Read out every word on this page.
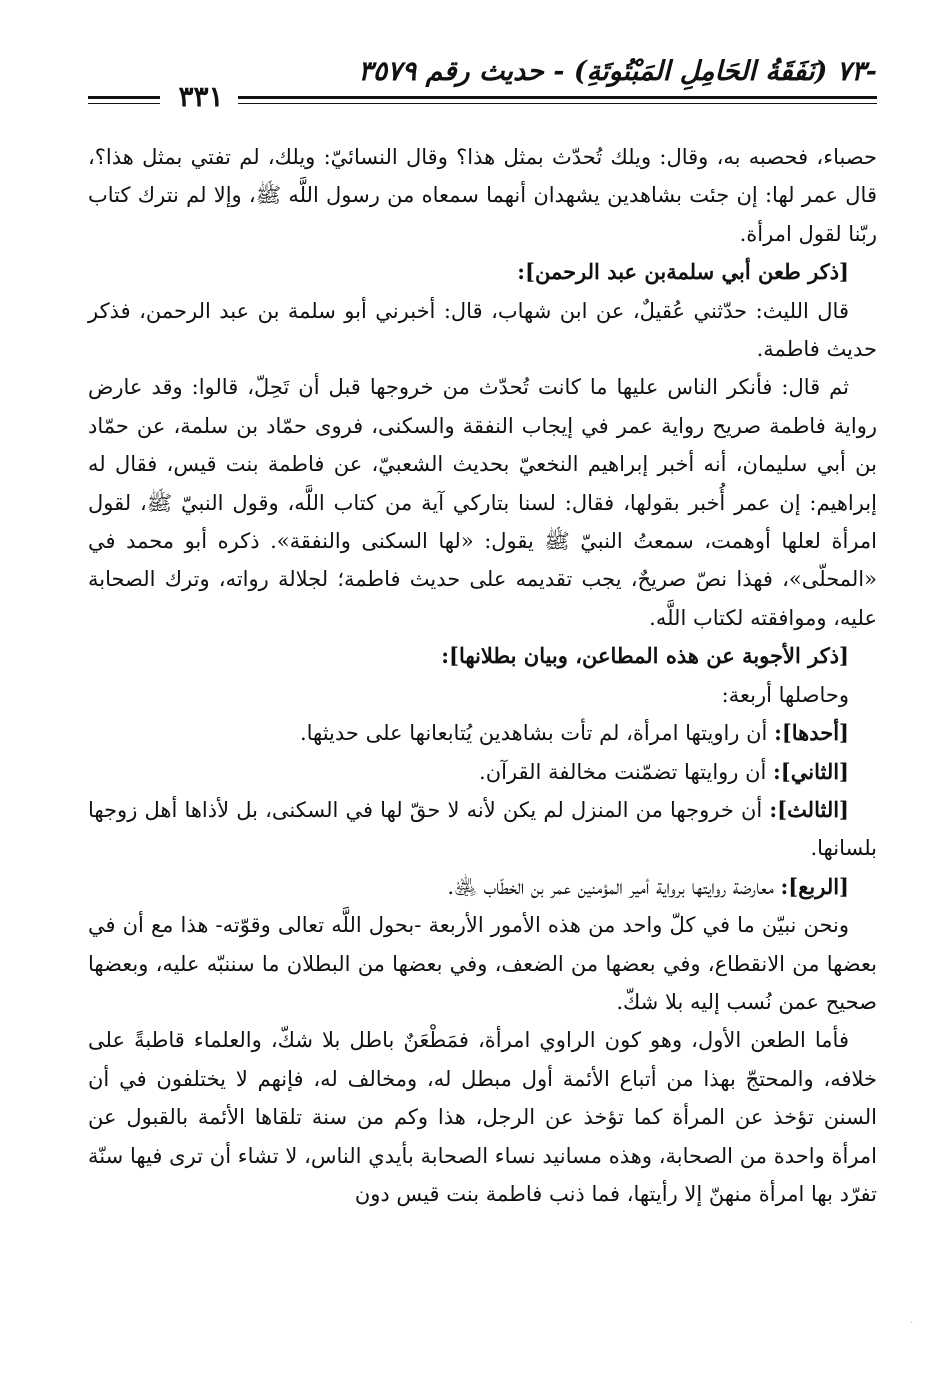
-٧٣ (نَفَقَةُ الحَامِلِ المَبْتُوتَةِ) - حديث رقم ٣٥٧٩
٣٣١

حصباء، فحصبه به، وقال: ويلك تُحدّث بمثل هذا؟ وقال النسائيّ: ويلك، لم تفتي بمثل هذا؟، قال عمر لها: إن جئت بشاهدين يشهدان أنهما سمعاه من رسول اللَّه ﷺ، وإلا لم نترك كتاب ربّنا لقول امرأة.

[ذكر طعن أبي سلمةبن عبد الرحمن]:

قال الليث: حدّثني عُقيلٌ، عن ابن شهاب، قال: أخبرني أبو سلمة بن عبد الرحمن، فذكر حديث فاطمة.

ثم قال: فأنكر الناس عليها ما كانت تُحدّث من خروجها قبل أن تَحِلّ، قالوا: وقد عارض رواية فاطمة صريح رواية عمر في إيجاب النفقة والسكنى، فروى حمّاد بن سلمة، عن حمّاد بن أبي سليمان، أنه أخبر إبراهيم النخعيّ بحديث الشعبيّ، عن فاطمة بنت قيس، فقال له إبراهيم: إن عمر أُخبر بقولها، فقال: لسنا بتاركي آية من كتاب اللَّه، وقول النبيّ ﷺ، لقول امرأة لعلها أوهمت، سمعتُ النبيّ ﷺ يقول: «لها السكنى والنفقة». ذكره أبو محمد في «المحلّى»، فهذا نصّ صريحٌ، يجب تقديمه على حديث فاطمة؛ لجلالة رواته، وترك الصحابة عليه، وموافقته لكتاب اللَّه.

[ذكر الأجوبة عن هذه المطاعن، وبيان بطلانها]:

وحاصلها أربعة:

[أحدها]: أن راويتها امرأة، لم تأت بشاهدين يُتابعانها على حديثها.

[الثاني]: أن روايتها تضمّنت مخالفة القرآن.

[الثالث]: أن خروجها من المنزل لم يكن لأنه لا حقّ لها في السكنى، بل لأذاها أهل زوجها بلسانها.

[الربع]: معارضة روايتها برواية أمير المؤمنين عمر بن الخطّاب ﵁.

ونحن نبيّن ما في كلّ واحد من هذه الأمور الأربعة -بحول اللَّه تعالى وقوّته- هذا مع أن في بعضها من الانقطاع، وفي بعضها من الضعف، وفي بعضها من البطلان ما سننبّه عليه، وبعضها صحيح عمن نُسب إليه بلا شكّ.

فأما الطعن الأول، وهو كون الراوي امرأة، فمَطْعَنٌ باطل بلا شكّ، والعلماء قاطبةً على خلافه، والمحتجّ بهذا من أتباع الأئمة أول مبطل له، ومخالف له، فإنهم لا يختلفون في أن السنن تؤخذ عن المرأة كما تؤخذ عن الرجل، هذا وكم من سنة تلقاها الأئمة بالقبول عن امرأة واحدة من الصحابة، وهذه مسانيد نساء الصحابة بأيدي الناس، لا تشاء أن ترى فيها سنّة تفرّد بها امرأة منهنّ إلا رأيتها، فما ذنب فاطمة بنت قيس دون

·
